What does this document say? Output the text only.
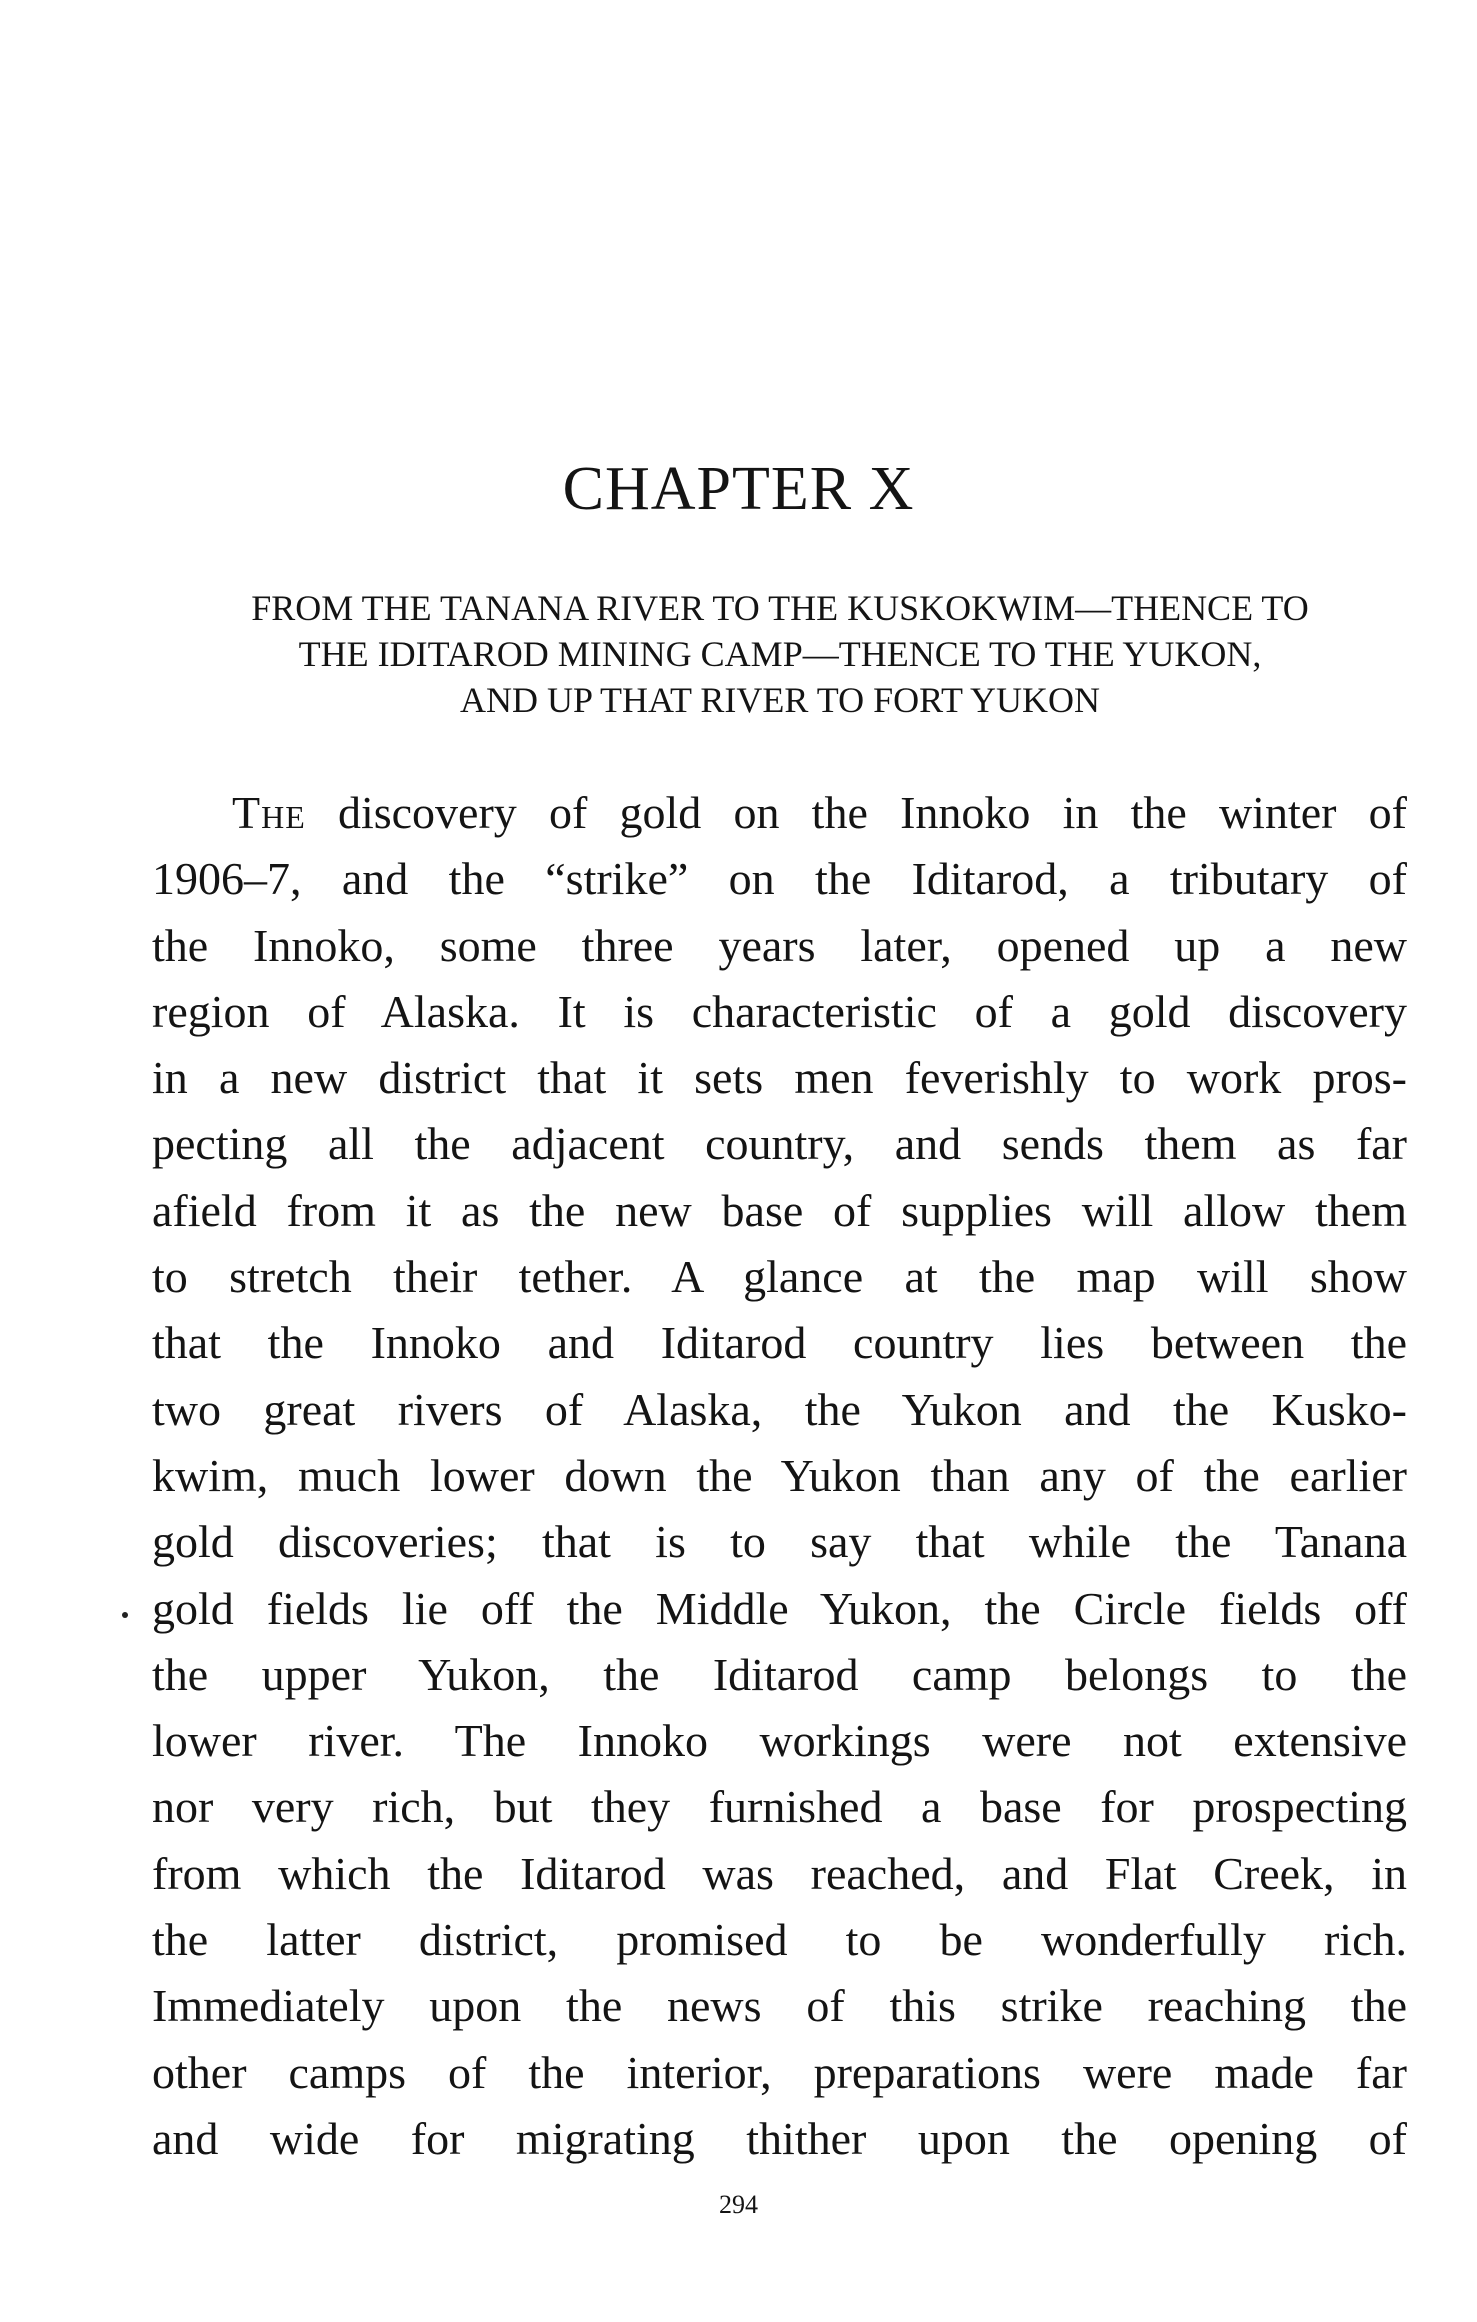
CHAPTER X
FROM THE TANANA RIVER TO THE KUSKOKWIM—THENCE TO
THE IDITAROD MINING CAMP—THENCE TO THE YUKON,
AND UP THAT RIVER TO FORT YUKON
The discovery of gold on the Innoko in the winter of
1906–7, and the “strike” on the Iditarod, a tributary of
the Innoko, some three years later, opened up a new
region of Alaska. It is characteristic of a gold discovery
in a new district that it sets men feverishly to work pros-
pecting all the adjacent country, and sends them as far
afield from it as the new base of supplies will allow them
to stretch their tether. A glance at the map will show
that the Innoko and Iditarod country lies between the
two great rivers of Alaska, the Yukon and the Kusko-
kwim, much lower down the Yukon than any of the earlier
gold discoveries; that is to say that while the Tanana
gold fields lie off the Middle Yukon, the Circle fields off
the upper Yukon, the Iditarod camp belongs to the
lower river. The Innoko workings were not extensive
nor very rich, but they furnished a base for prospecting
from which the Iditarod was reached, and Flat Creek, in
the latter district, promised to be wonderfully rich.
Immediately upon the news of this strike reaching the
other camps of the interior, preparations were made far
and wide for migrating thither upon the opening of
294
